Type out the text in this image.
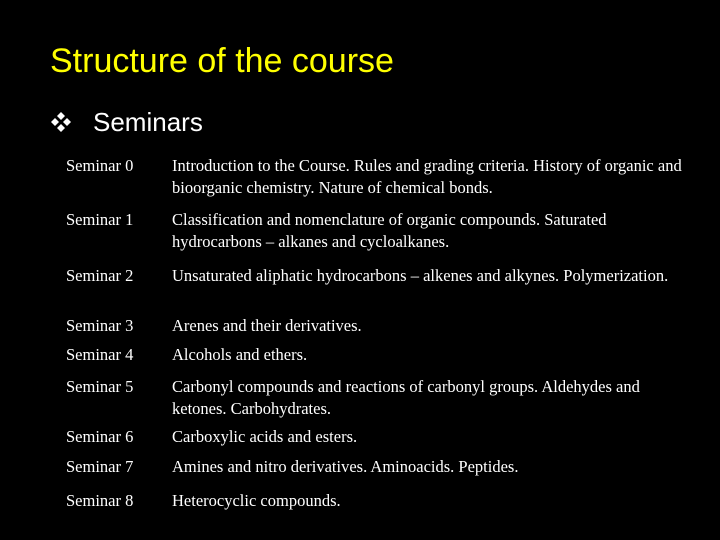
Structure of the course
Seminars
Seminar 0 Introduction to the Course. Rules and grading criteria. History of organic and bioorganic chemistry. Nature of chemical bonds.
Seminar 1 Classification and nomenclature of organic compounds. Saturated hydrocarbons – alkanes and cycloalkanes.
Seminar 2 Unsaturated aliphatic hydrocarbons – alkenes and alkynes. Polymerization.
Seminar 3 Arenes and their derivatives.
Seminar 4 Alcohols and ethers.
Seminar 5 Carbonyl compounds and reactions of carbonyl groups. Aldehydes and ketones. Carbohydrates.
Seminar 6 Carboxylic acids and esters.
Seminar 7 Amines and nitro derivatives. Aminoacids. Peptides.
Seminar 8 Heterocyclic compounds.
